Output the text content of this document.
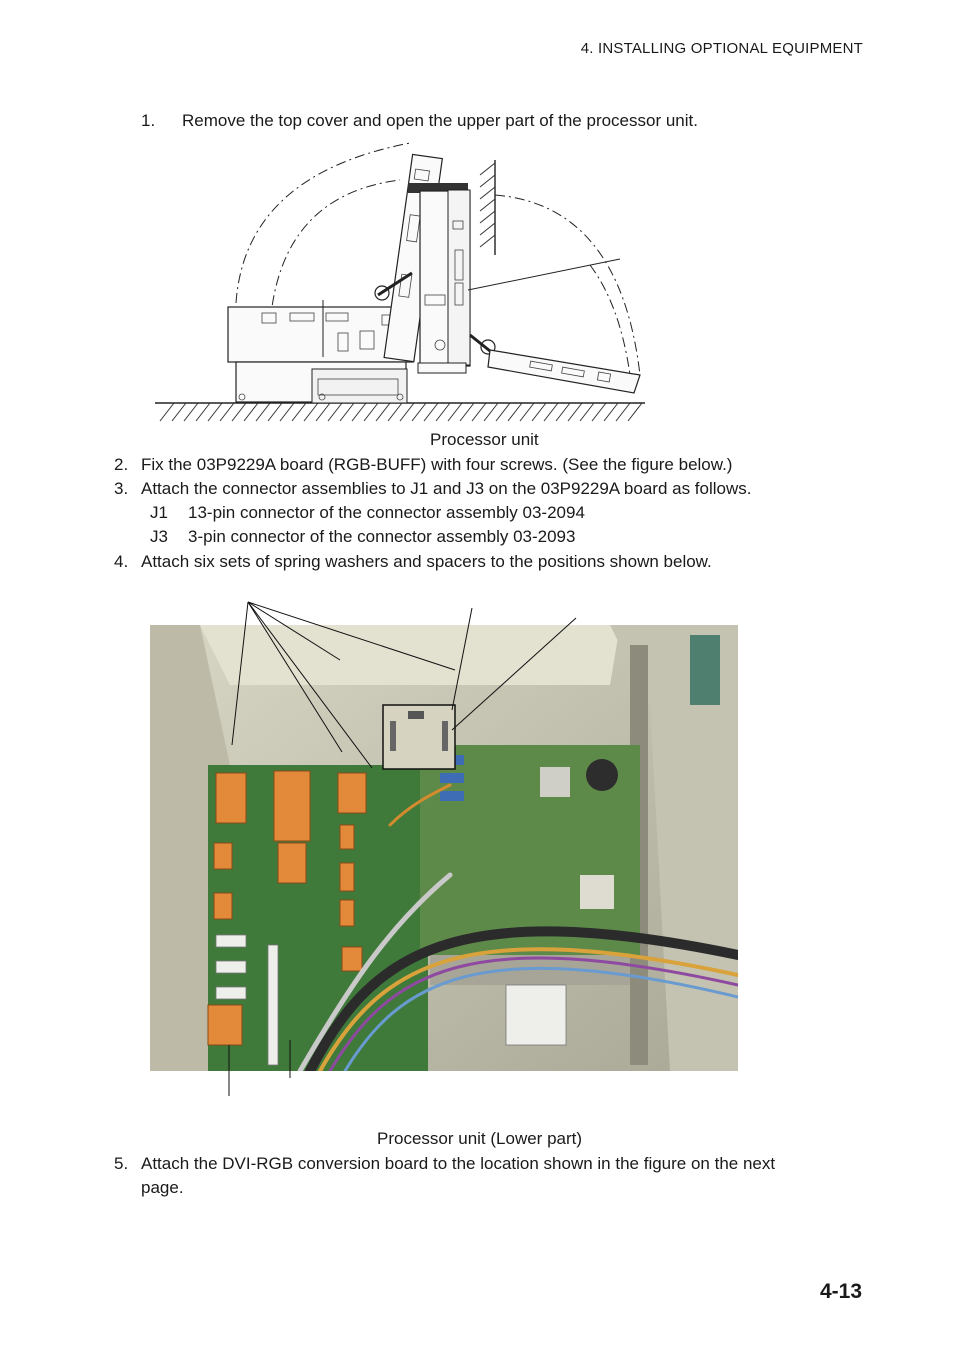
4. INSTALLING OPTIONAL EQUIPMENT
1. Remove the top cover and open the upper part of the processor unit.
Processor unit
2. Fix the 03P9229A board (RGB-BUFF) with four screws. (See the figure below.)
3. Attach the connector assemblies to J1 and J3 on the 03P9229A board as follows.
J1 13-pin connector of the connector assembly 03-2094
J3 3-pin connector of the connector assembly 03-2093
4. Attach six sets of spring washers and spacers to the positions shown below.
Processor unit (Lower part)
5. Attach the DVI-RGB conversion board to the location shown in the figure on the next
page.
4-13
